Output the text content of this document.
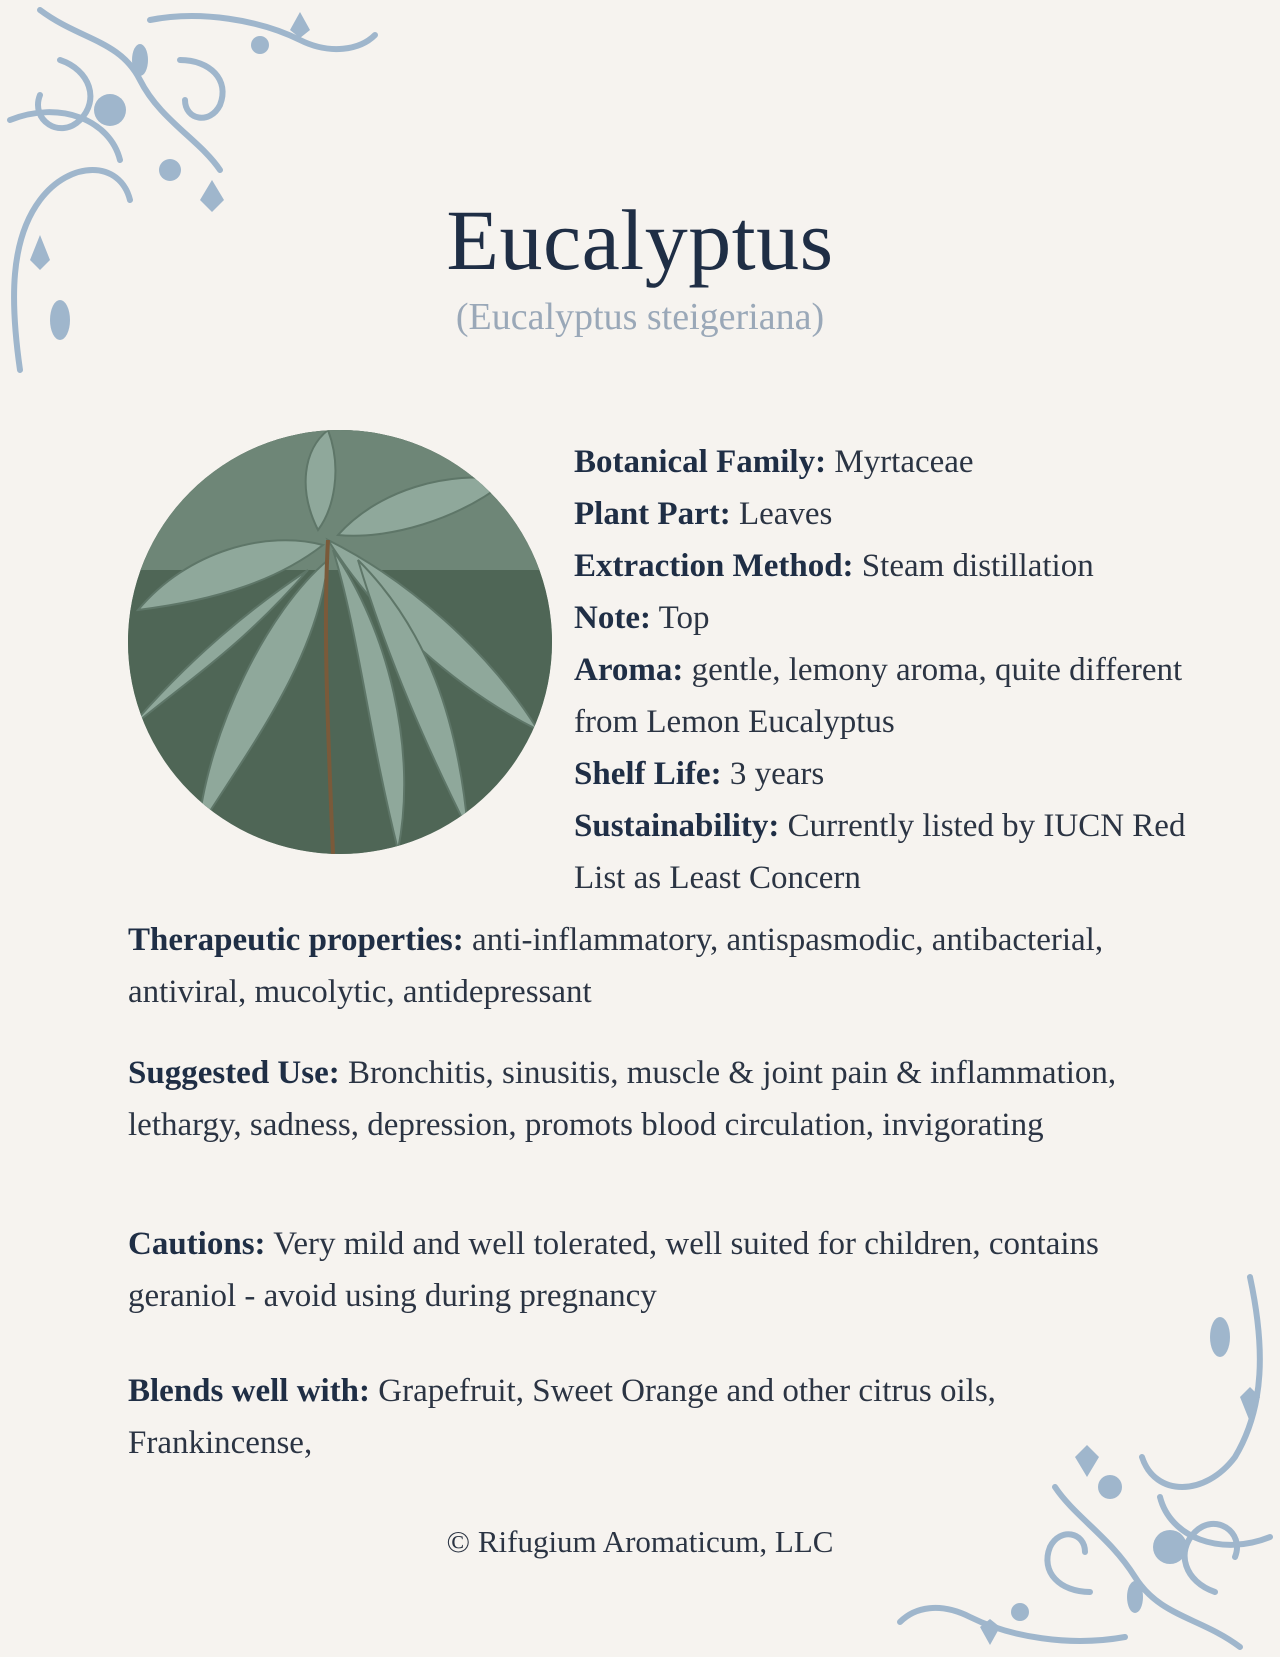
Eucalyptus
(Eucalyptus steigeriana)

Botanical Family: Myrtaceae

Plant Part: Leaves

Extraction Method: Steam distillation

Note: Top

Aroma: gentle, lemony aroma, quite different from Lemon Eucalyptus

Shelf Life: 3 years

Sustainability: Currently listed by IUCN Red List as Least Concern

Therapeutic properties: anti-inflammatory, antispasmodic, antibacterial, antiviral, mucolytic, antidepressant
Suggested Use: Bronchitis, sinusitis, muscle & joint pain & inflammation, lethargy, sadness, depression, promots blood circulation, invigorating
Cautions: Very mild and well tolerated, well suited for children, contains geraniol - avoid using during pregnancy
Blends well with: Grapefruit, Sweet Orange and other citrus oils, Frankincense,
© Rifugium Aromaticum, LLC
